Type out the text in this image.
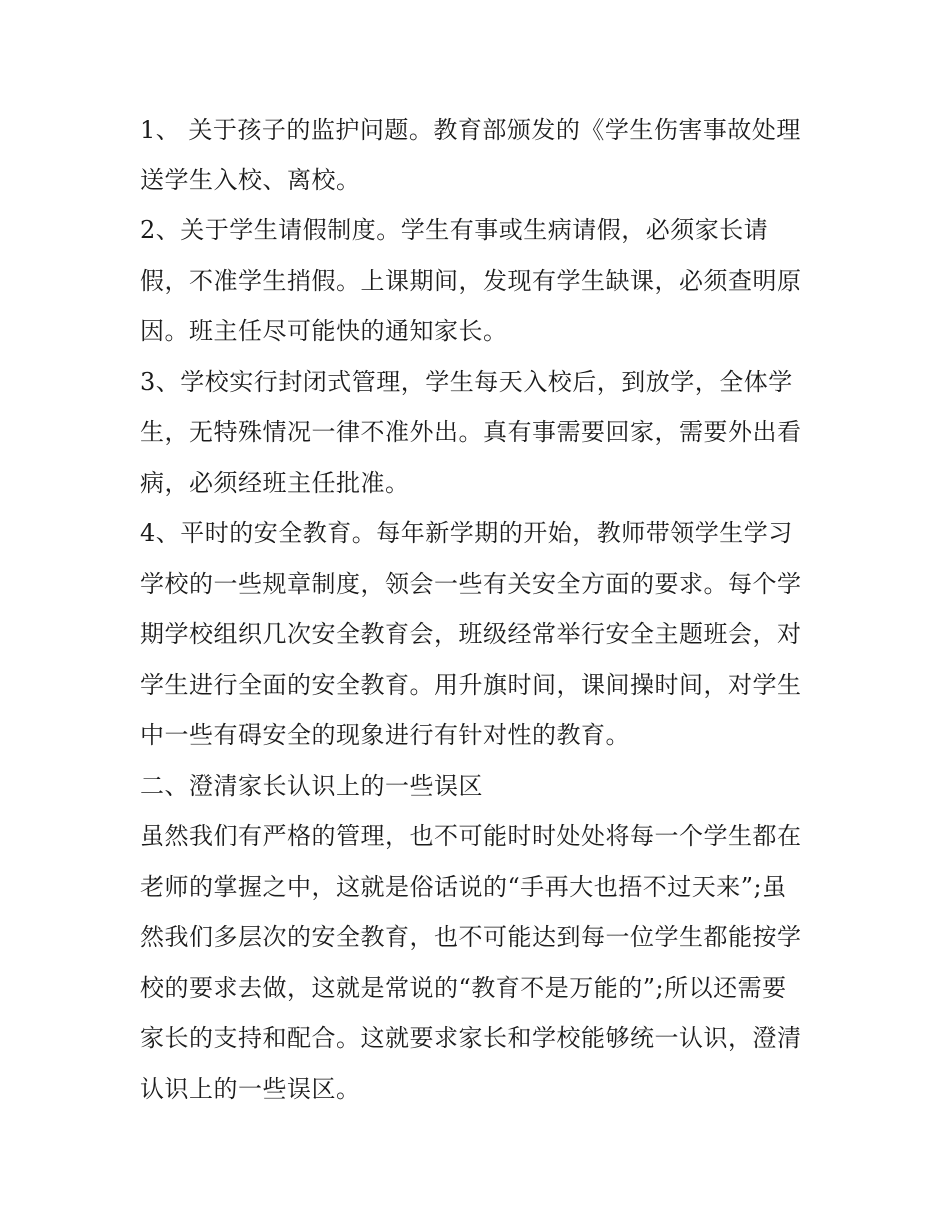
1、 关于孩子的监护问题。教育部颁发的《学生伤害事故处理

送学生入校、离校。

2、关于学生请假制度。学生有事或生病请假，必须家长请

假，不准学生捎假。上课期间，发现有学生缺课，必须查明原

因。班主任尽可能快的通知家长。

3、学校实行封闭式管理，学生每天入校后，到放学，全体学

生，无特殊情况一律不准外出。真有事需要回家，需要外出看

病，必须经班主任批准。

4、平时的安全教育。每年新学期的开始，教师带领学生学习

学校的一些规章制度，领会一些有关安全方面的要求。每个学

期学校组织几次安全教育会，班级经常举行安全主题班会，对

学生进行全面的安全教育。用升旗时间，课间操时间，对学生

中一些有碍安全的现象进行有针对性的教育。

二、澄清家长认识上的一些误区

虽然我们有严格的管理，也不可能时时处处将每一个学生都在

老师的掌握之中，这就是俗话说的“手再大也捂不过天来”;虽

然我们多层次的安全教育，也不可能达到每一位学生都能按学

校的要求去做，这就是常说的“教育不是万能的”;所以还需要

家长的支持和配合。这就要求家长和学校能够统一认识，澄清

认识上的一些误区。
